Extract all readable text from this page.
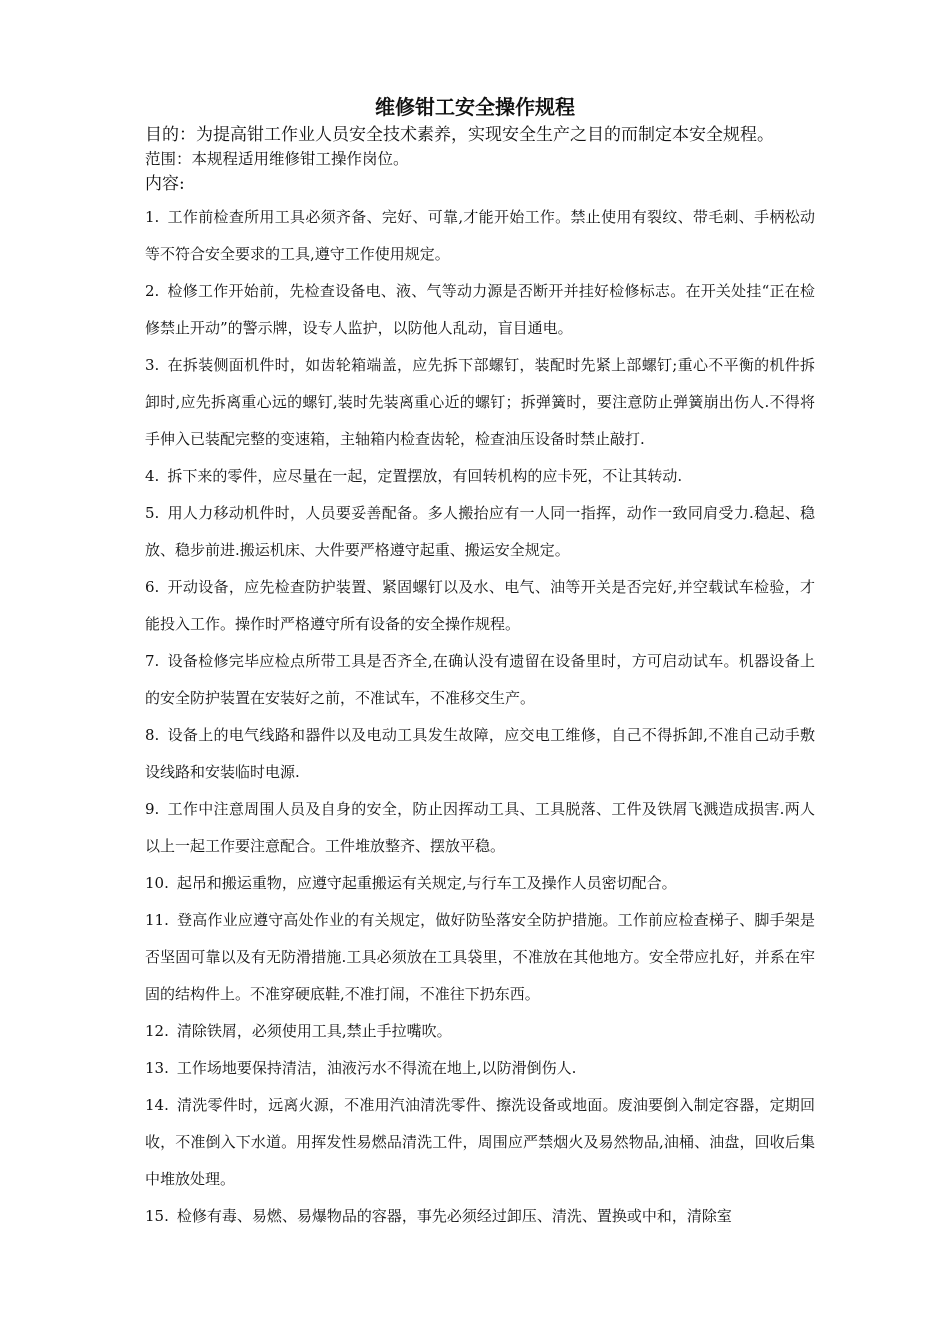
维修钳工安全操作规程

目的：为提高钳工作业人员安全技术素养，实现安全生产之目的而制定本安全规程。

范围：本规程适用维修钳工操作岗位。

内容:

1. 工作前检查所用工具必须齐备、完好、可靠,才能开始工作。禁止使用有裂纹、带毛刺、手柄松动等不符合安全要求的工具,遵守工作使用规定。

2. 检修工作开始前，先检查设备电、液、气等动力源是否断开并挂好检修标志。在开关处挂“正在检修禁止开动”的警示牌，设专人监护，以防他人乱动，盲目通电。

3. 在拆装侧面机件时，如齿轮箱端盖，应先拆下部螺钉，装配时先紧上部螺钉;重心不平衡的机件拆卸时,应先拆离重心远的螺钉,装时先装离重心近的螺钉；拆弹簧时，要注意防止弹簧崩出伤人.不得将手伸入已装配完整的变速箱，主轴箱内检查齿轮，检查油压设备时禁止敲打.

4. 拆下来的零件，应尽量在一起，定置摆放，有回转机构的应卡死，不让其转动.

5. 用人力移动机件时，人员要妥善配备。多人搬抬应有一人同一指挥，动作一致同肩受力.稳起、稳放、稳步前进.搬运机床、大件要严格遵守起重、搬运安全规定。

6. 开动设备，应先检查防护装置、紧固螺钉以及水、电气、油等开关是否完好,并空载试车检验，才能投入工作。操作时严格遵守所有设备的安全操作规程。

7. 设备检修完毕应检点所带工具是否齐全,在确认没有遗留在设备里时，方可启动试车。机器设备上的安全防护装置在安装好之前，不准试车，不准移交生产。

8. 设备上的电气线路和器件以及电动工具发生故障，应交电工维修，自己不得拆卸,不准自己动手敷设线路和安装临时电源.

9. 工作中注意周围人员及自身的安全，防止因挥动工具、工具脱落、工件及铁屑飞溅造成损害.两人以上一起工作要注意配合。工件堆放整齐、摆放平稳。

10. 起吊和搬运重物，应遵守起重搬运有关规定,与行车工及操作人员密切配合。

11. 登高作业应遵守高处作业的有关规定，做好防坠落安全防护措施。工作前应检查梯子、脚手架是否坚固可靠以及有无防滑措施.工具必须放在工具袋里，不准放在其他地方。安全带应扎好，并系在牢固的结构件上。不准穿硬底鞋,不准打闹，不准往下扔东西。

12. 清除铁屑，必须使用工具,禁止手拉嘴吹。

13. 工作场地要保持清洁，油液污水不得流在地上,以防滑倒伤人.

14. 清洗零件时，远离火源，不准用汽油清洗零件、擦洗设备或地面。废油要倒入制定容器，定期回收，不准倒入下水道。用挥发性易燃品清洗工件，周围应严禁烟火及易然物品,油桶、油盘，回收后集中堆放处理。

15. 检修有毒、易燃、易爆物品的容器，事先必须经过卸压、清洗、置换或中和，清除室
